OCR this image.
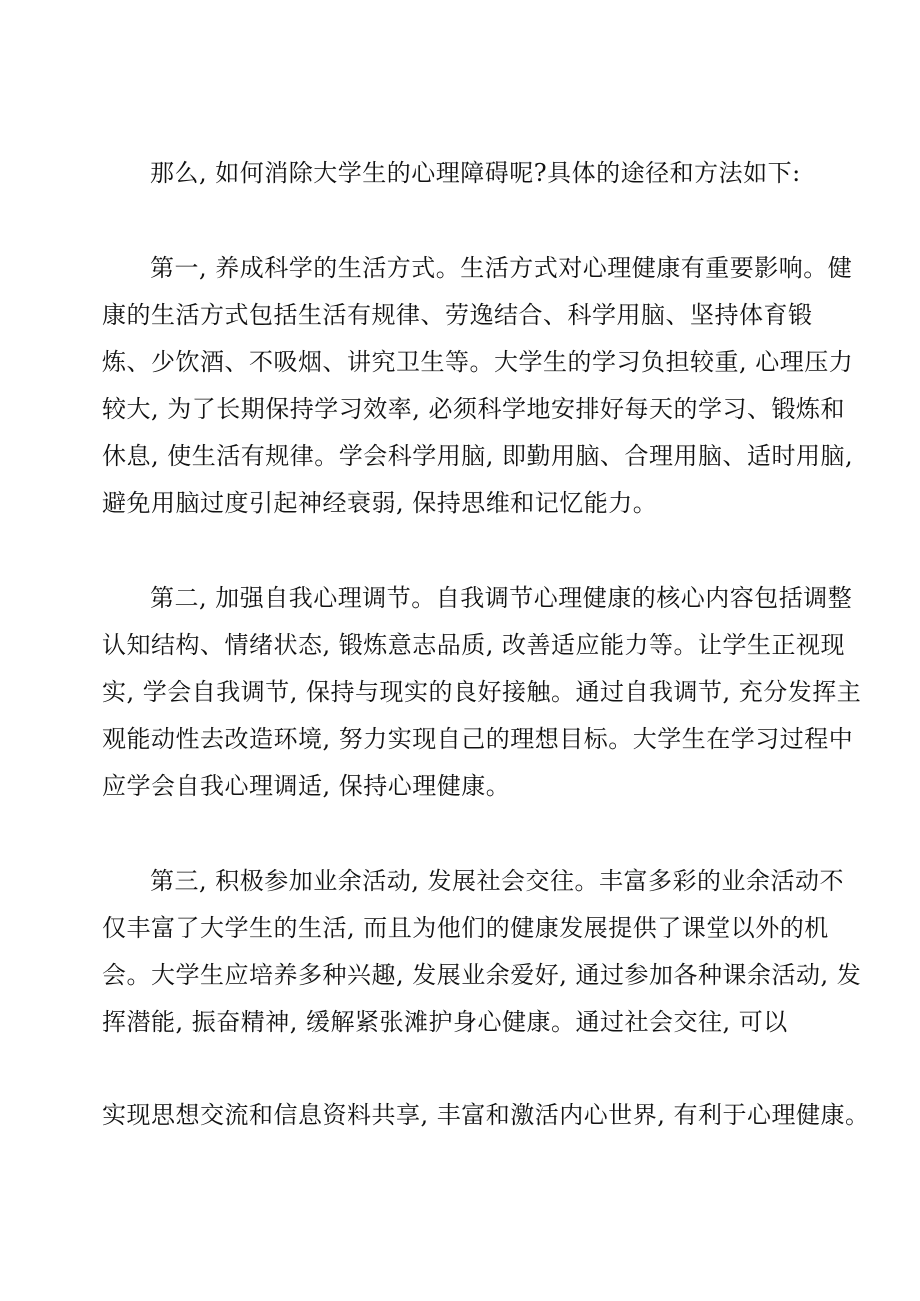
那么, 如何消除大学生的心理障碍呢?具体的途径和方法如下:

第一, 养成科学的生活方式。生活方式对心理健康有重要影响。健

康的生活方式包括生活有规律、劳逸结合、科学用脑、坚持体育锻

炼、少饮酒、不吸烟、讲究卫生等。大学生的学习负担较重, 心理压力

较大, 为了长期保持学习效率, 必须科学地安排好每天的学习、锻炼和

休息, 使生活有规律。学会科学用脑, 即勤用脑、合理用脑、适时用脑,

避免用脑过度引起神经衰弱, 保持思维和记忆能力。

第二, 加强自我心理调节。自我调节心理健康的核心内容包括调整

认知结构、情绪状态, 锻炼意志品质, 改善适应能力等。让学生正视现

实, 学会自我调节, 保持与现实的良好接触。通过自我调节, 充分发挥主

观能动性去改造环境, 努力实现自己的理想目标。大学生在学习过程中

应学会自我心理调适, 保持心理健康。

第三, 积极参加业余活动, 发展社会交往。丰富多彩的业余活动不

仅丰富了大学生的生活, 而且为他们的健康发展提供了课堂以外的机

会。大学生应培养多种兴趣, 发展业余爱好, 通过参加各种课余活动, 发

挥潜能, 振奋精神, 缓解紧张滩护身心健康。通过社会交往, 可以

实现思想交流和信息资料共享, 丰富和激活内心世界, 有利于心理健康。
